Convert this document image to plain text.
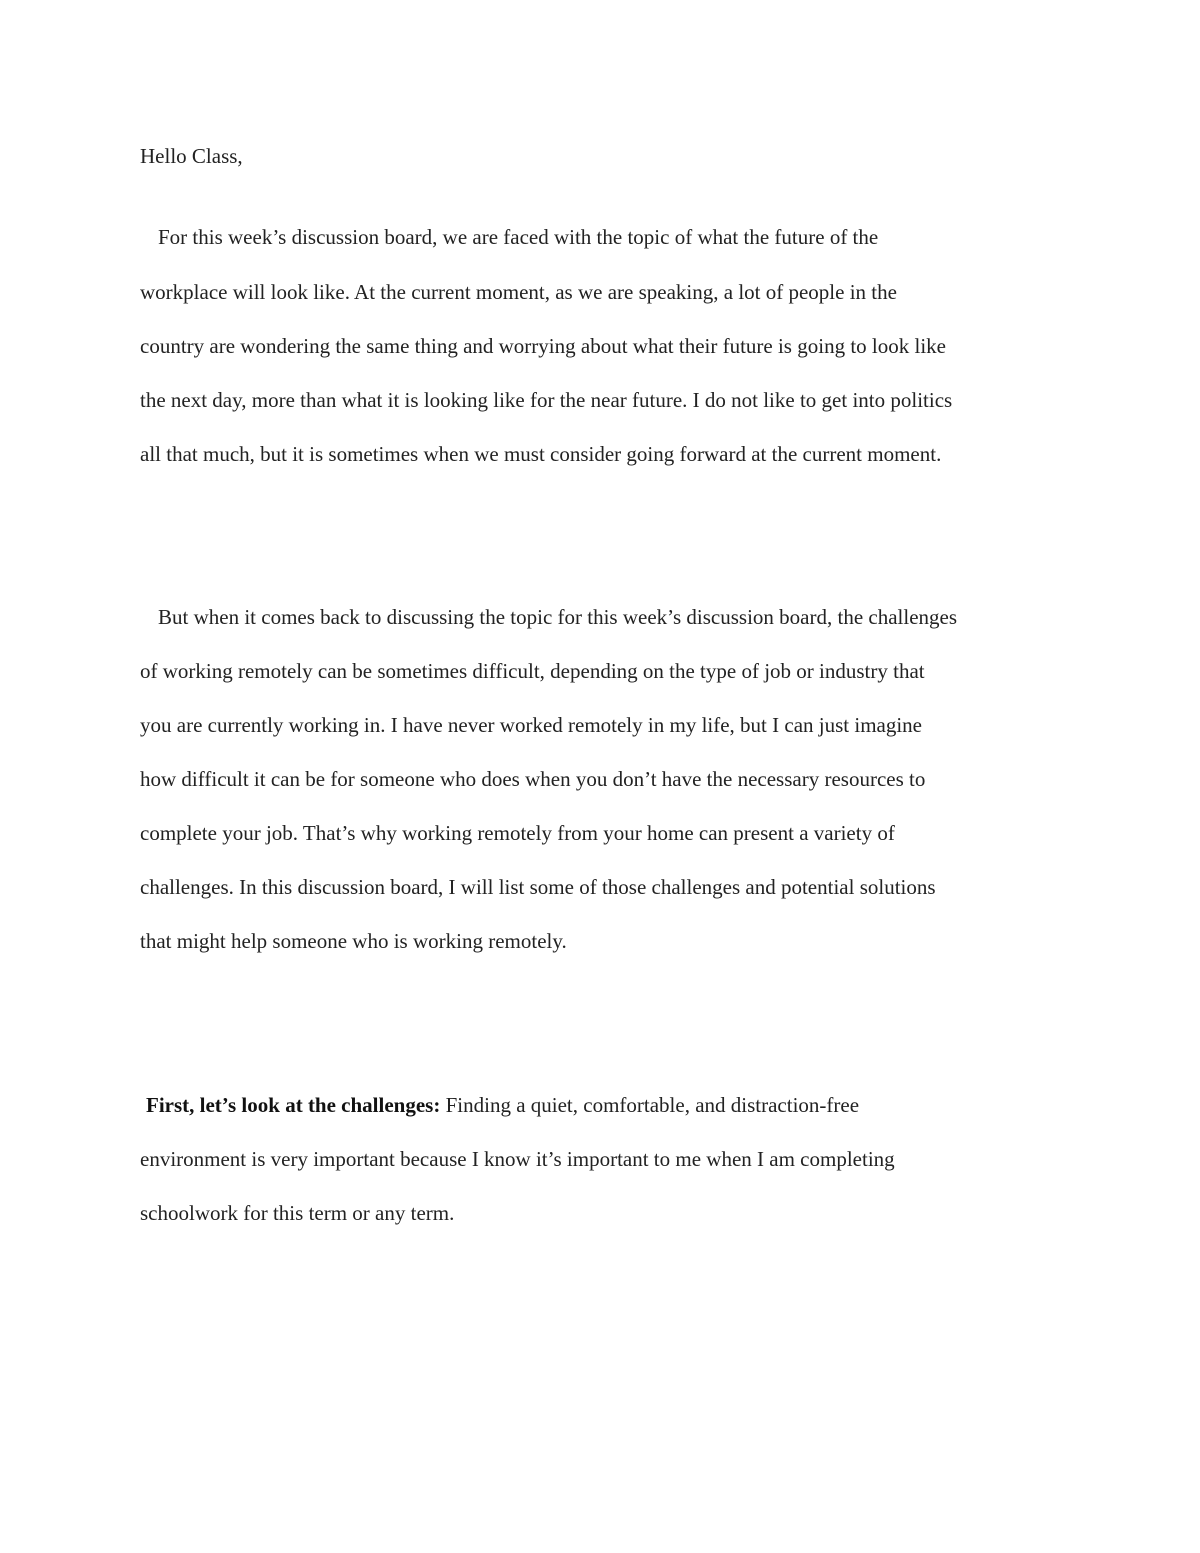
Hello Class,

For this week’s discussion board, we are faced with the topic of what the future of the

workplace will look like. At the current moment, as we are speaking, a lot of people in the

country are wondering the same thing and worrying about what their future is going to look like

the next day, more than what it is looking like for the near future. I do not like to get into politics

all that much, but it is sometimes when we must consider going forward at the current moment.

But when it comes back to discussing the topic for this week’s discussion board, the challenges

of working remotely can be sometimes difficult, depending on the type of job or industry that

you are currently working in. I have never worked remotely in my life, but I can just imagine

how difficult it can be for someone who does when you don’t have the necessary resources to

complete your job. That’s why working remotely from your home can present a variety of

challenges. In this discussion board, I will list some of those challenges and potential solutions

that might help someone who is working remotely.

First, let’s look at the challenges: Finding a quiet, comfortable, and distraction-free

environment is very important because I know it’s important to me when I am completing

schoolwork for this term or any term.
